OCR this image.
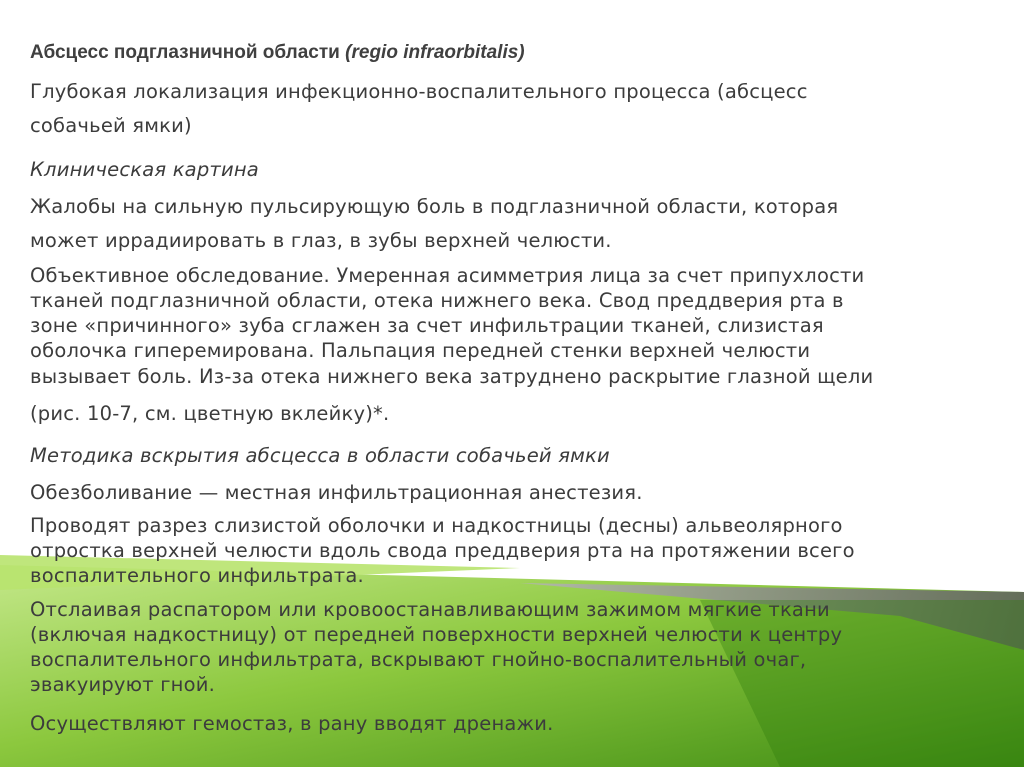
Абсцесс подглазничной области (regio infraorbitalis)

Глубокая локализация инфекционно-воспалительного процесса (абсцесс

собачьей ямки)

Клиническая картина

Жалобы на сильную пульсирующую боль в подглазничной области, которая

может иррадиировать в глаз, в зубы верхней челюсти.

Объективное обследование. Умеренная асимметрия лица за счет припухлости

тканей подглазничной области, отека нижнего века. Свод преддверия рта в

зоне «причинного» зуба сглажен за счет инфильтрации тканей, слизистая

оболочка гиперемирована. Пальпация передней стенки верхней челюсти

вызывает боль. Из-за отека нижнего века затруднено раскрытие глазной щели

(рис. 10-7, см. цветную вклейку)*.

Методика вскрытия абсцесса в области собачьей ямки

Обезболивание — местная инфильтрационная анестезия.

Проводят разрез слизистой оболочки и надкостницы (десны) альвеолярного

отростка верхней челюсти вдоль свода преддверия рта на протяжении всего

воспалительного инфильтрата.

Отслаивая распатором или кровоостанавливающим зажимом мягкие ткани

(включая надкостницу) от передней поверхности верхней челюсти к центру

воспалительного инфильтрата, вскрывают гнойно-воспалительный очаг,

эвакуируют гной.

Осуществляют гемостаз, в рану вводят дренажи.
